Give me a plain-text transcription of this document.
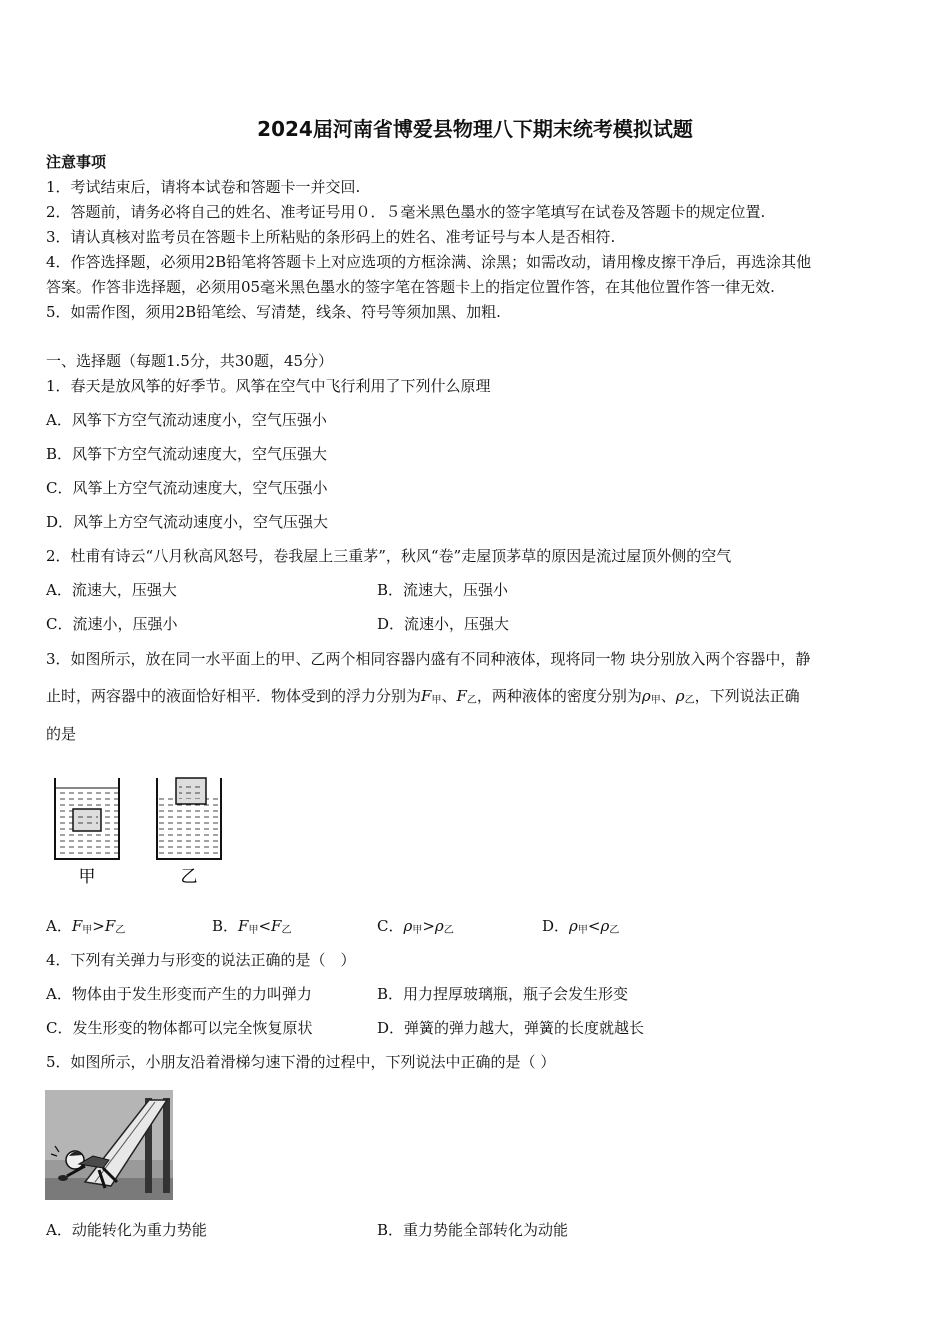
2024届河南省博爱县物理八下期末统考模拟试题
注意事项
1．考试结束后，请将本试卷和答题卡一并交回.
2．答题前，请务必将自己的姓名、准考证号用０．５毫米黑色墨水的签字笔填写在试卷及答题卡的规定位置.
3．请认真核对监考员在答题卡上所粘贴的条形码上的姓名、准考证号与本人是否相符.
4．作答选择题，必须用2B铅笔将答题卡上对应选项的方框涂满、涂黑；如需改动，请用橡皮擦干净后，再选涂其他
答案。作答非选择题，必须用05毫米黑色墨水的签字笔在答题卡上的指定位置作答，在其他位置作答一律无效.
5．如需作图，须用2B铅笔绘、写清楚，线条、符号等须加黑、加粗.
一、选择题（每题1.5分，共30题，45分）
1．春天是放风筝的好季节。风筝在空气中飞行利用了下列什么原理
A．风筝下方空气流动速度小，空气压强小
B．风筝下方空气流动速度大，空气压强大
C．风筝上方空气流动速度大，空气压强小
D．风筝上方空气流动速度小，空气压强大
2．杜甫有诗云“八月秋高风怒号，卷我屋上三重茅”，秋风“卷”走屋顶茅草的原因是流过屋顶外侧的空气
A．流速大，压强大	B．流速大，压强小
C．流速小，压强小	D．流速小，压强大
3．如图所示，放在同一水平面上的甲、乙两个相同容器内盛有不同种液体，现将同一物 块分别放入两个容器中，静
止时，两容器中的液面恰好相平．物体受到的浮力分别为$F_甲$、$F_乙$，两种液体的密度分别为$\rho_甲$、$\rho_乙$，下列说法正确
的是
甲	乙
A．$F_甲>F_乙$	B．$F_甲<F_乙$	C．$\rho_甲>\rho_乙$	D．$\rho_甲<\rho_乙$
4．下列有关弹力与形变的说法正确的是（　）
A．物体由于发生形变而产生的力叫弹力	B．用力捏厚玻璃瓶，瓶子会发生形变
C．发生形变的物体都可以完全恢复原状	D．弹簧的弹力越大，弹簧的长度就越长
5．如图所示，小朋友沿着滑梯匀速下滑的过程中，下列说法中正确的是（ ）
A．动能转化为重力势能	B．重力势能全部转化为动能
